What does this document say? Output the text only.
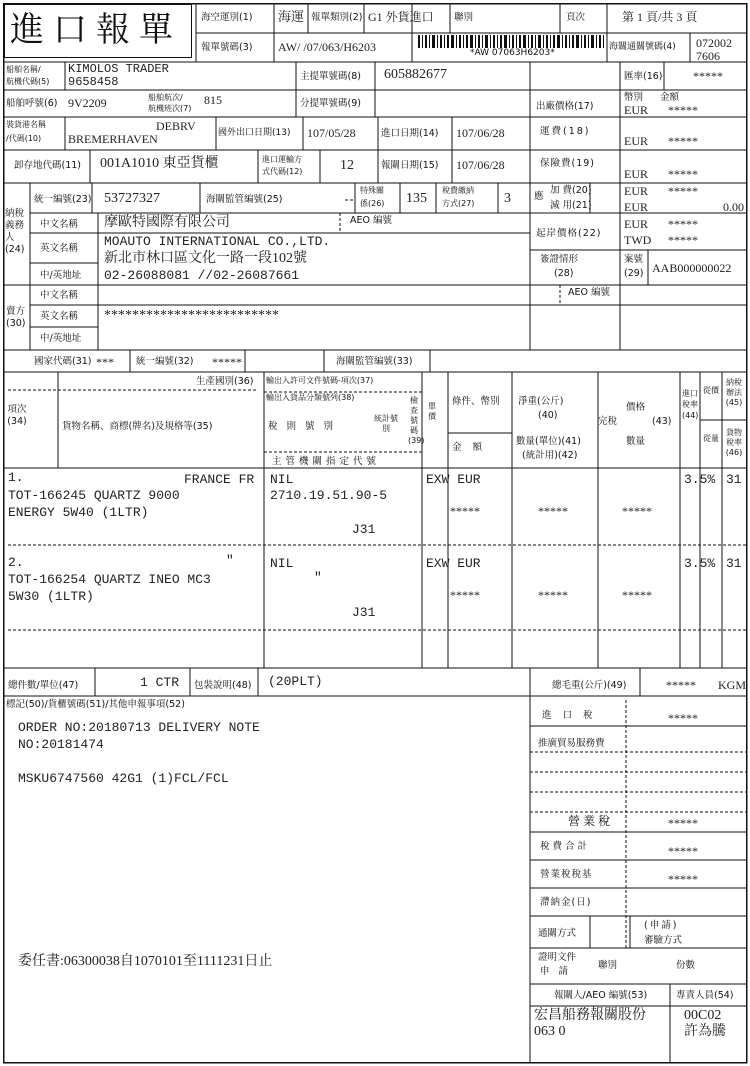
進口報單	海空運別(1) 海運 報單類別(2) G1 外貨進口 聯別	頁次	第 1 頁/共 3 頁
報單號碼(3) AW/ /07/063/H6203	*AW 07063H6203*
海關通關號碼(4) 072002
7606
船舶名稱/
航機代碼(5)
KIMOLOS TRADER
9658458	主提單號碼(8) 605882677	匯率(16)	*****
船舶呼號(6) 9V2209	船舶航次/
航機班次(7)
815	分提單號碼(9)	出廠價格(17)
幣別 金額
EUR *****
裝貨港名稱
/代碼(10)
DEBRV
BREMERHAVEN	國外出口日期(13) 107/05/28	進口日期(14) 107/06/28	運費(18)
EUR *****
卸存地代碼(11) 001A1010 東亞貨櫃	進口運輸方
式代碼(12)	12	報關日期(15) 107/06/28	保險費(19)
EUR *****
納稅義務人(24)
統一編號(23) 53727327	海關監管編號(25)
特殊關
係(26) 135
稅費繳納
方式(27) 3 應
加 費(20)
減 用(21)
EUR *****
EUR	0.00
中文名稱 摩歐特國際有限公司	AEO 編號
英文名稱 MOAUTO INTERNATIONAL CO.,LTD.
新北市林口區文化一路一段102號
中/英地址 02-26088081 //02-26087661
起岸價格(22)
EUR *****
TWD *****
簽證情形
(28)
案號
(29) AAB000000022
賣方(30)
中文名稱	AEO 編號
英文名稱 *************************
中/英地址
國家代碼(31) *** 統一編號(32) *****	海關監管編號(33)
項次(34)	貨物名稱、商標(牌名)及規格等(35)
生產國別(36) 輸出入許可文件號碼-項次(37)
輸出入貨品分類號列(38)
稅 則 號 別
統計號別
檢查號碼(39)
條件、幣別
單價
金 額
淨重(公斤)
(40)
數量(單位)(41)
(統計用)(42)
價格
(43)
完稅
數量
進口稅率(44)
從價
從量
納稅辦法(45)
貨物稅率(46)
主管機關指定代號
1.	FRANCE FR
TOT-166245 QUARTZ 9000
ENERGY 5W40 (1LTR)
NIL
2710.19.51.90-5
J31
EXW EUR
*****	*****	*****
3.5% 31
2.	"
TOT-166254 QUARTZ INEO MC3
5W30 (1LTR)
NIL
"
J31
EXW EUR
*****	*****	*****
3.5% 31
總件數/單位(47)	1 CTR 包裝說明(48) (20PLT)	總毛重(公斤)(49)	***** KGM
標記(50)/貨櫃號碼(51)/其他申報事項(52)
ORDER NO:20180713 DELIVERY NOTE
NO:20181474
MSKU6747560 42G1 (1)FCL/FCL
委任書:06300038自1070101至1111231日止
進 口 稅	*****
推廣貿易服務費
營業稅	*****
稅費合計	*****
營業稅稅基	*****
滯納金(日)
通關方式
(申請)
審驗方式
證明文件
申 請
聯別	份數
報關人/AEO 編號(53)	專責人員(54)
宏昌船務報關股份
063 0
00C02
許為騰
